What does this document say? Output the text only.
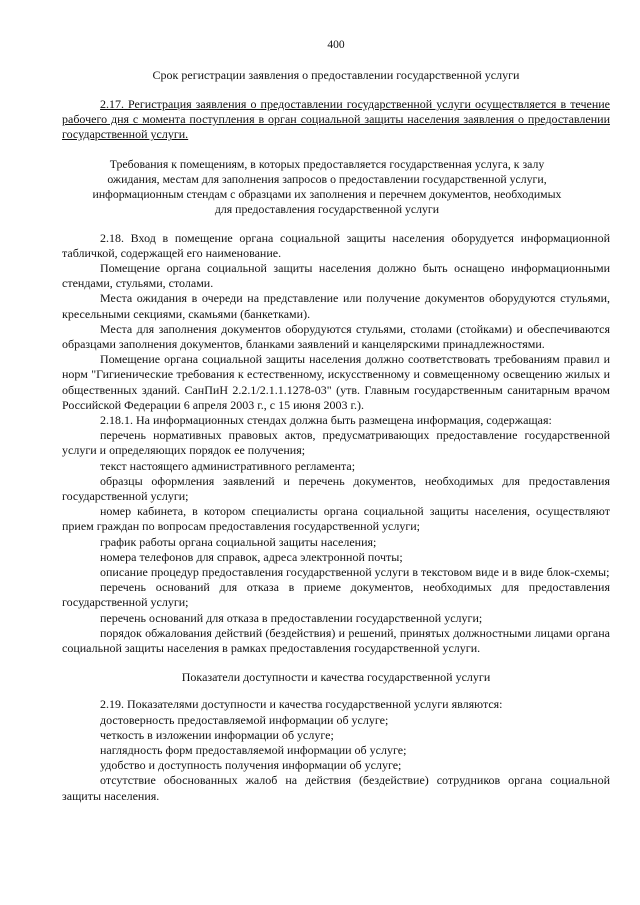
400
Срок регистрации заявления о предоставлении государственной услуги

2.17. Регистрация заявления о предоставлении государственной услуги осуществляется в течение рабочего дня с момента поступления в орган социальной защиты населения заявления о предоставлении государственной услуги.

Требования к помещениям, в которых предоставляется государственная услуга, к залу ожидания, местам для заполнения запросов о предоставлении государственной услуги, информационным стендам с образцами их заполнения и перечнем документов, необходимых для предоставления государственной услуги

2.18. Вход в помещение органа социальной защиты населения оборудуется информационной табличкой, содержащей его наименование.

Помещение органа социальной защиты населения должно быть оснащено информационными стендами, стульями, столами.

Места ожидания в очереди на представление или получение документов оборудуются стульями, кресельными секциями, скамьями (банкетками).

Места для заполнения документов оборудуются стульями, столами (стойками) и обеспечиваются образцами заполнения документов, бланками заявлений и канцелярскими принадлежностями.

Помещение органа социальной защиты населения должно соответствовать требованиям правил и норм "Гигиенические требования к естественному, искусственному и совмещенному освещению жилых и общественных зданий. СанПиН 2.2.1/2.1.1.1278-03" (утв. Главным государственным санитарным врачом Российской Федерации 6 апреля 2003 г., с 15 июня 2003 г.).

2.18.1. На информационных стендах должна быть размещена информация, содержащая:

перечень нормативных правовых актов, предусматривающих предоставление государственной услуги и определяющих порядок ее получения;

текст настоящего административного регламента;

образцы оформления заявлений и перечень документов, необходимых для предоставления государственной услуги;

номер кабинета, в котором специалисты органа социальной защиты населения, осуществляют прием граждан по вопросам предоставления государственной услуги;

график работы органа социальной защиты населения;

номера телефонов для справок, адреса электронной почты;

описание процедур предоставления государственной услуги в текстовом виде и в виде блок-схемы;

перечень оснований для отказа в приеме документов, необходимых для предоставления государственной услуги;

перечень оснований для отказа в предоставлении государственной услуги;

порядок обжалования действий (бездействия) и решений, принятых должностными лицами органа социальной защиты населения в рамках предоставления государственной услуги.

Показатели доступности и качества государственной услуги

2.19. Показателями доступности и качества государственной услуги являются:

достоверность предоставляемой информации об услуге;

четкость в изложении информации об услуге;

наглядность форм предоставляемой информации об услуге;

удобство и доступность получения информации об услуге;

отсутствие обоснованных жалоб на действия (бездействие) сотрудников органа социальной защиты населения.
